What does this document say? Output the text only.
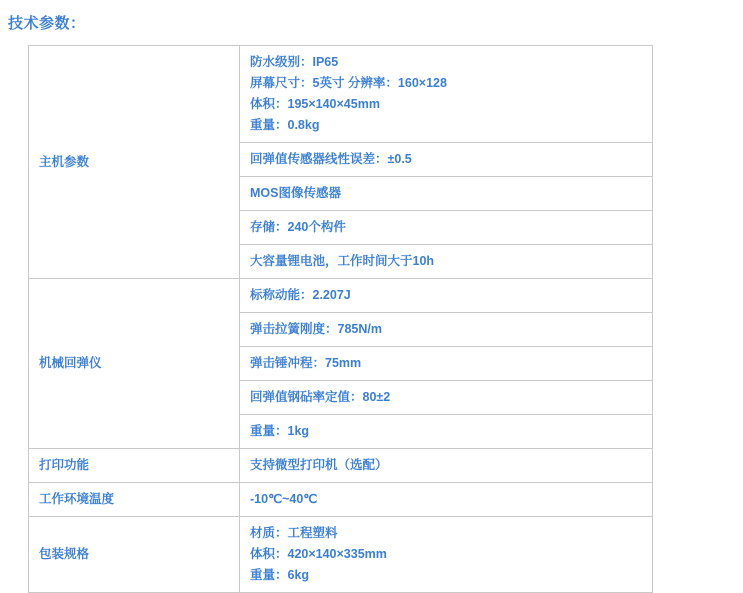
技术参数：
主机参数	防水级别：IP65
屏幕尺寸：5英寸 分辨率：160×128
体积：195×140×45mm
重量：0.8kg

	回弹值传感器线性误差：±0.5
	MOS图像传感器
	存储：240个构件
	大容量锂电池，工作时间大于10h
机械回弹仪	标称动能：2.207J
	弹击拉簧刚度：785N/m
	弹击锤冲程：75mm
	回弹值钢砧率定值：80±2
	重量：1kg
打印功能	支持微型打印机（选配）
工作环境温度	-10℃~40℃
包装规格	材质：工程塑料
体积：420×140×335mm
重量：6kg
